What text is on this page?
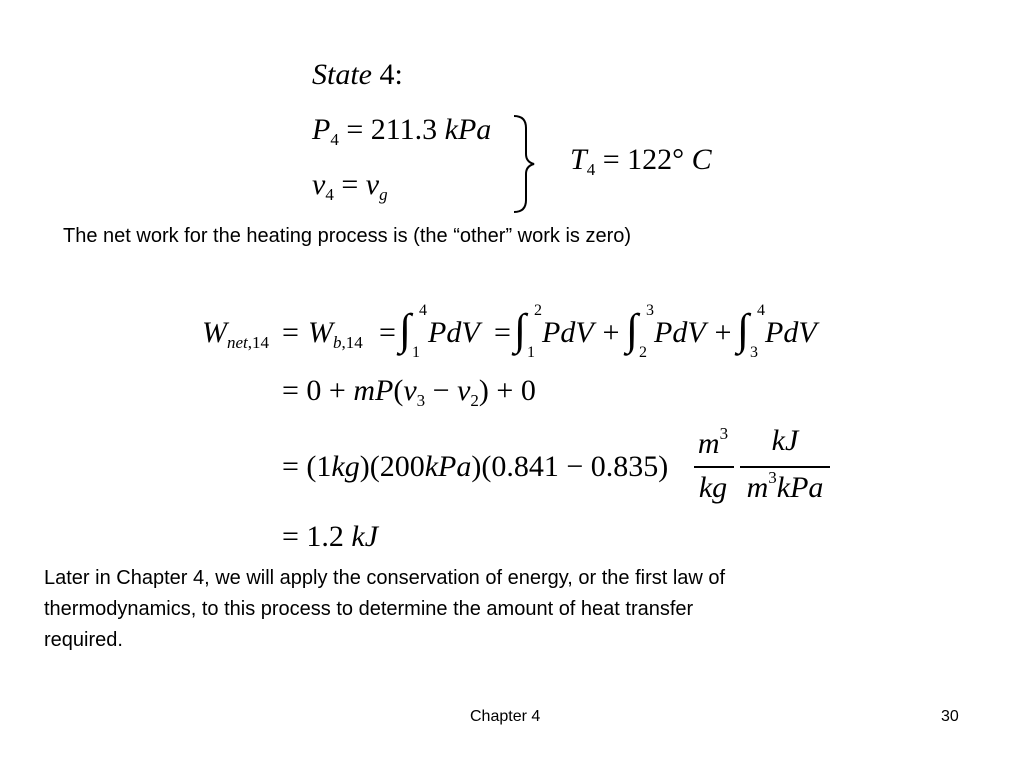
State 4:
$P_4 = 211.3$ kPa
$v_4 = v_g$
$T_4 = 122^\circ$ C
The net work for the heating process is (the “other” work is zero)
$W_{net,14} = W_{b,14}$ = ∫ 4
1
PdV = ∫ 2
1
PdV + ∫ 3
2
PdV + ∫ 4
3
PdV
= $0 + mP(v_3 - v_2) + 0$
= (1kg)(200kPa)(0.841 − 0.835)
$m^3$
kg
kJ
$m^3kPa$
= 1.2 kJ
Later in Chapter 4, we will apply the conservation of energy, or the first law of
thermodynamics, to this process to determine the amount of heat transfer
required.
Chapter 4	30
